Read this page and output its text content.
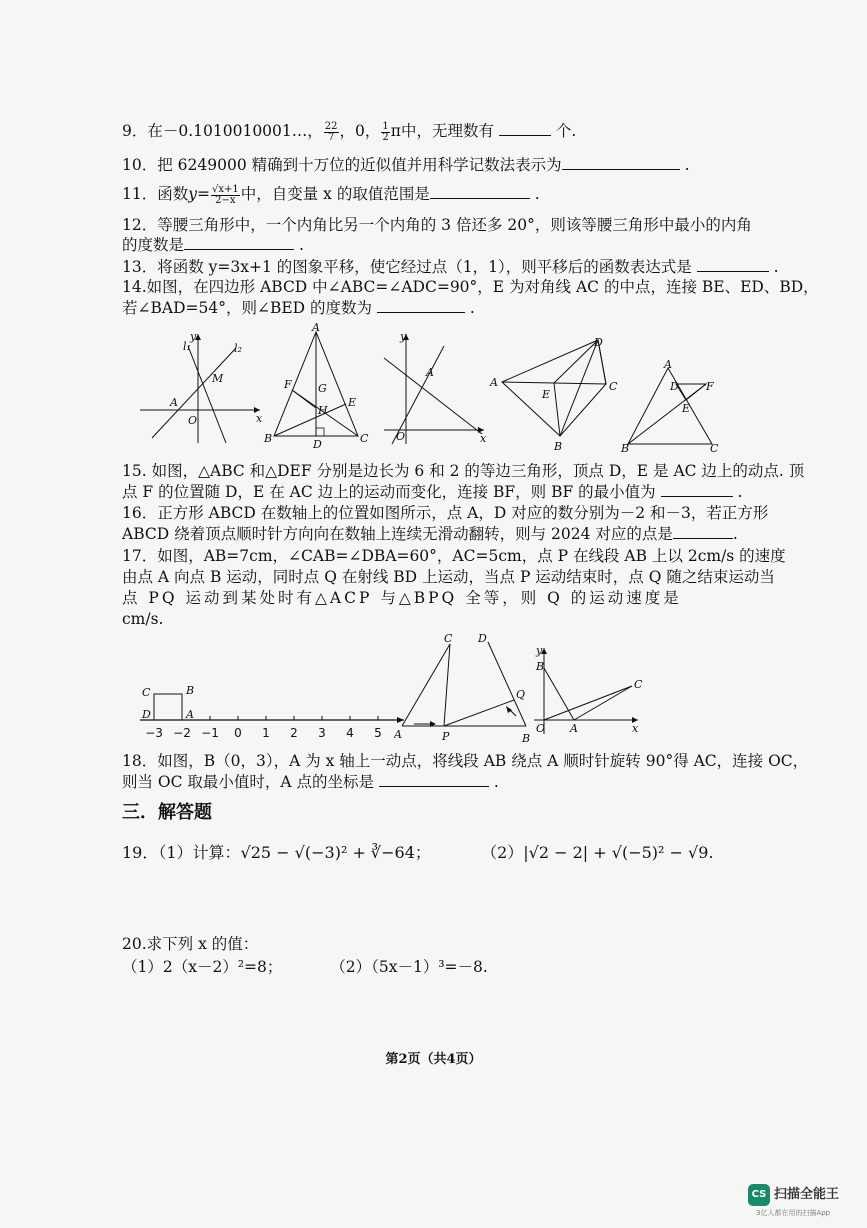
9．在－0.1010010001…， $\frac{22}{7}$ ，0， $\frac{1}{2}$ π中，无理数有	个.
10．把 6249000 精确到十万位的近似值并用科学记数法表示为	.
11．函数$y= \frac{√x+1}{2-x}$ 中，自变量 x 的取值范围是	.
12．等腰三角形中，一个内角比另一个内角的 3 倍还多 20°，则该等腰三角形中最小的内角
的度数是	.
13．将函数 y=3x+1 的图象平移，使它经过点（1，1），则平移后的函数表达式是	.
14.如图，在四边形 ABCD 中∠ABC=∠ADC=90°，E 为对角线 AC 的中点，连接 BE、ED、BD，
若∠BAD=54°，则∠BED 的度数为	.
l₁	l₂
y
x
M
O
A
A
B	C
D
E
F G
H
y
x
O
A
A
D
C
B
E
A
B	C
D
E
F
15. 如图，△ABC 和△DEF 分别是边长为 6 和 2 的等边三角形，顶点 D，E 是 AC 边上的动点. 顶
点 F 的位置随 D，E 在 AC 边上的运动而变化，连接 BF，则 BF 的最小值为	.
16．正方形 ABCD 在数轴上的位置如图所示，点 A，D 对应的数分别为－2 和－3，若正方形
ABCD 绕着顶点顺时针方向向在数轴上连续无滑动翻转，则与 2024 对应的点是	.
17．如图，AB=7cm，∠CAB=∠DBA=60°，AC=5cm，点 P 在线段 AB 上以 2cm/s 的速度
由点 A 向点 B 运动，同时点 Q 在射线 BD 上运动，当点 P 运动结束时，点 Q 随之结束运动当
点 PQ 运动到某处时有△ACP 与△BPQ 全等，则 Q 的运动速度是
cm/s.
−3 −2 −1 0 1 2 3 4 5
C	B
D	A
A
C D
P
Q
B
y
B
C
O A	x
18．如图，B（0，3），A 为 x 轴上一动点，将线段 AB 绕点 A 顺时针旋转 90°得 AC，连接 OC，
则当 OC 取最小值时，A 点的坐标是	.
三．解答题
19．（1）计算：√25 − √(−3)² + ∛−64；	（2）|√2 − 2| + √(−5)² − √9.
20.求下列 x 的值：
（1）2（x－2）²=8；	（2）（5x－1）³=－8.
第2页（共4页）
CS 扫描全能王
3亿人都在用的扫描App
